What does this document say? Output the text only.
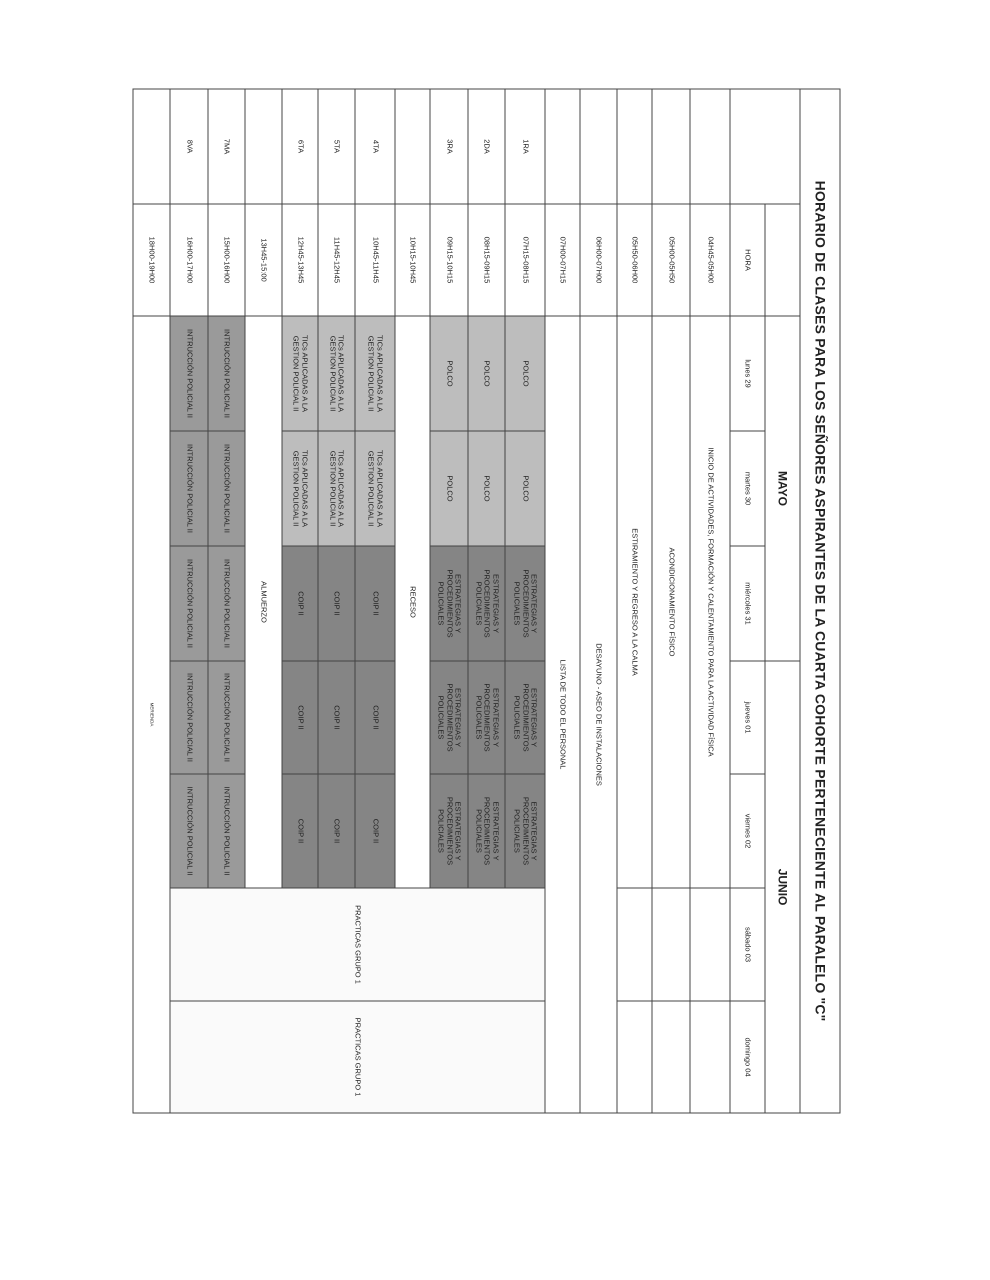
HORARIO DE CLASES PARA LOS SEÑORES ASPIRANTES DE LA CUARTA COHORTE PERTENECIENTE AL PARALELO "C"								
		MAYO			JUNIO			
	HORA	lunes 29	martes 30	miércoles 31	jueves 01	viernes 02	sábado 03	domingo 04
	04H45-05H00	INICIO DE ACTIVIDADES, FORMACIÓN Y CALENTAMIENTO PARA LA ACTIVIDAD FÍSICA						
	05H00-05H50	ACONDICIONAMIENTO FÍSICO						
	05H50-06H00	ESTIRAMIENTO Y REGRESO A LA CALMA						
	06H00-07H00	DESAYUNO - ASEO DE INSTALACIONES						
	07H00-07H15	LISTA DE TODO EL PERSONAL						
1RA	07H15-08H15	POLCO	POLCO	ESTRATEGIAS Y PROCEDIMIENTOS POLICIALES	ESTRATEGIAS Y PROCEDIMIENTOS POLICIALES	ESTRATEGIAS Y PROCEDIMIENTOS POLICIALES	PRACTICAS GRUPO 1	PRACTICAS GRUPO 1
2DA	08H15-09H15	POLCO	POLCO	ESTRATEGIAS Y PROCEDIMIENTOS POLICIALES	ESTRATEGIAS Y PROCEDIMIENTOS POLICIALES	ESTRATEGIAS Y PROCEDIMIENTOS POLICIALES		
3RA	09H15-10H15	POLCO	POLCO	ESTRATEGIAS Y PROCEDIMIENTOS POLICIALES	ESTRATEGIAS Y PROCEDIMIENTOS POLICIALES	ESTRATEGIAS Y PROCEDIMIENTOS POLICIALES		
	10H15-10H45	RECESO						
4TA	10H45-11H45	TICs APLICADAS A LA GESTION POLICIAL II	TICs APLICADAS A LA GESTION POLICIAL II	COIP II	COIP II	COIP II		
5TA	11H45-12H45	TICs APLICADAS A LA GESTION POLICIAL II	TICs APLICADAS A LA GESTION POLICIAL II	COIP II	COIP II	COIP II		
6TA	12H45-13H45	TICs APLICADAS A LA GESTION POLICIAL II	TICs APLICADAS A LA GESTION POLICIAL II	COIP II	COIP II	COIP II		
	13H45-15:00	ALMUERZO						
7MA	15H00-16H00	INTRUCCIÓN POLICIAL II	INTRUCCIÓN POLICIAL II	INTRUCCIÓN POLICIAL II	INTRUCCIÓN POLICIAL II	INTRUCCIÓN POLICIAL II		
8VA	16H00-17H00	INTRUCCIÓN POLICIAL II	INTRUCCIÓN POLICIAL II	INTRUCCIÓN POLICIAL II	INTRUCCIÓN POLICIAL II	INTRUCCIÓN POLICIAL II		
	18H00-19H00	MERIENDA						
